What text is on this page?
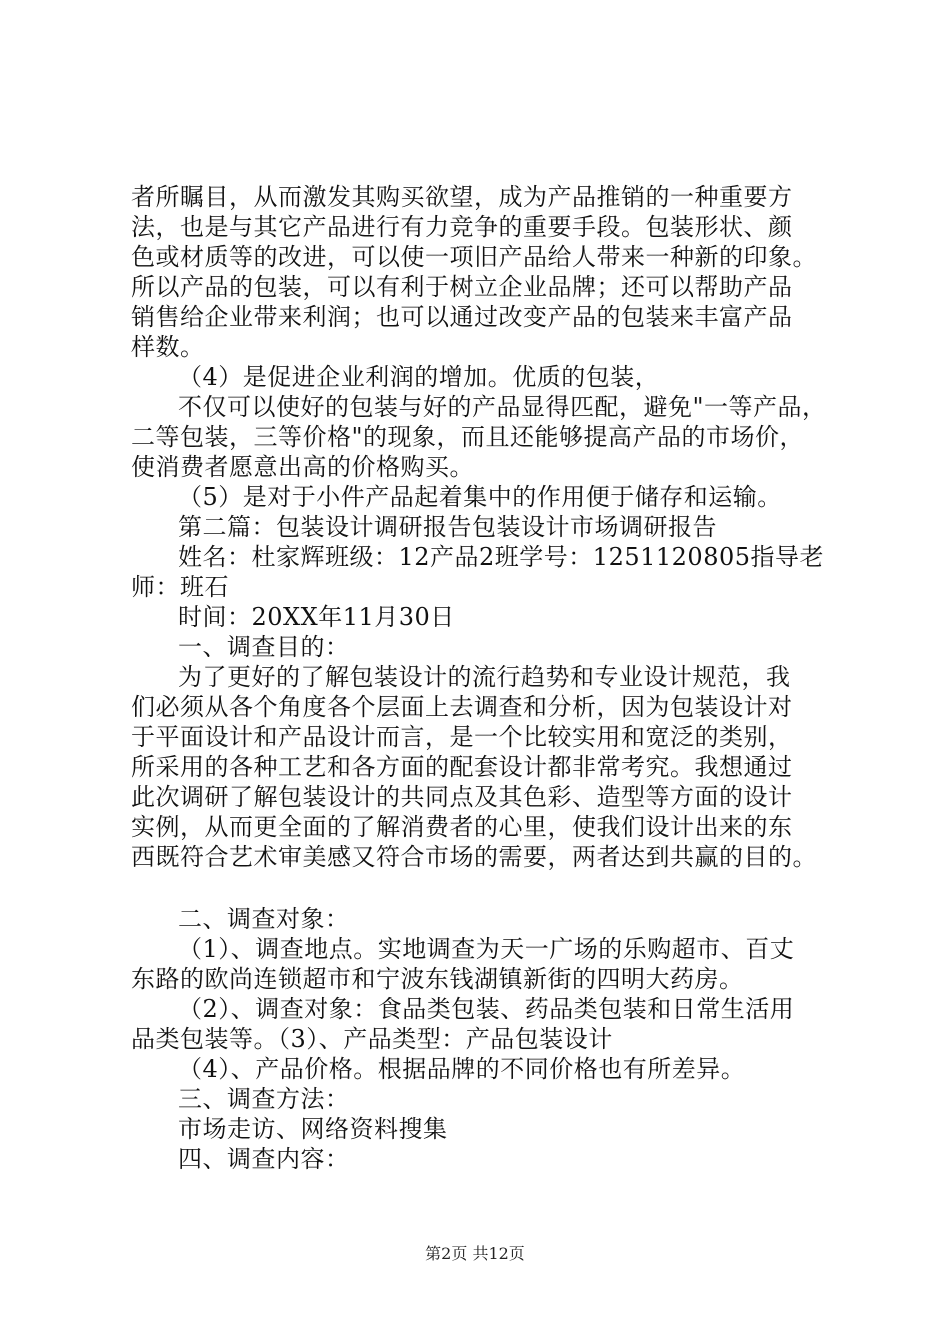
者所瞩目，从而激发其购买欲望，成为产品推销的一种重要方
法，也是与其它产品进行有力竞争的重要手段。包装形状、颜
色或材质等的改进，可以使一项旧产品给人带来一种新的印象。
所以产品的包装，可以有利于树立企业品牌；还可以帮助产品
销售给企业带来利润；也可以通过改变产品的包装来丰富产品
样数。
（4）是促进企业利润的增加。优质的包装，
不仅可以使好的包装与好的产品显得匹配，避免"一等产品，
二等包装，三等价格"的现象，而且还能够提高产品的市场价，
使消费者愿意出高的价格购买。
（5）是对于小件产品起着集中的作用便于储存和运输。
第二篇：包装设计调研报告包装设计市场调研报告
姓名：杜家辉班级：12产品2班学号：1251120805指导老
师：班石
时间：20XX年11月30日
一、调查目的：
为了更好的了解包装设计的流行趋势和专业设计规范，我
们必须从各个角度各个层面上去调查和分析，因为包装设计对
于平面设计和产品设计而言，是一个比较实用和宽泛的类别，
所采用的各种工艺和各方面的配套设计都非常考究。我想通过
此次调研了解包装设计的共同点及其色彩、造型等方面的设计
实例，从而更全面的了解消费者的心里，使我们设计出来的东
西既符合艺术审美感又符合市场的需要，两者达到共赢的目的。
二、调查对象：
（1）、调查地点。实地调查为天一广场的乐购超市、百丈
东路的欧尚连锁超市和宁波东钱湖镇新街的四明大药房。
（2）、调查对象：食品类包装、药品类包装和日常生活用
品类包装等。（3）、产品类型：产品包装设计
（4）、产品价格。根据品牌的不同价格也有所差异。
三、调查方法：
市场走访、网络资料搜集
四、调查内容：
第2页 共12页
